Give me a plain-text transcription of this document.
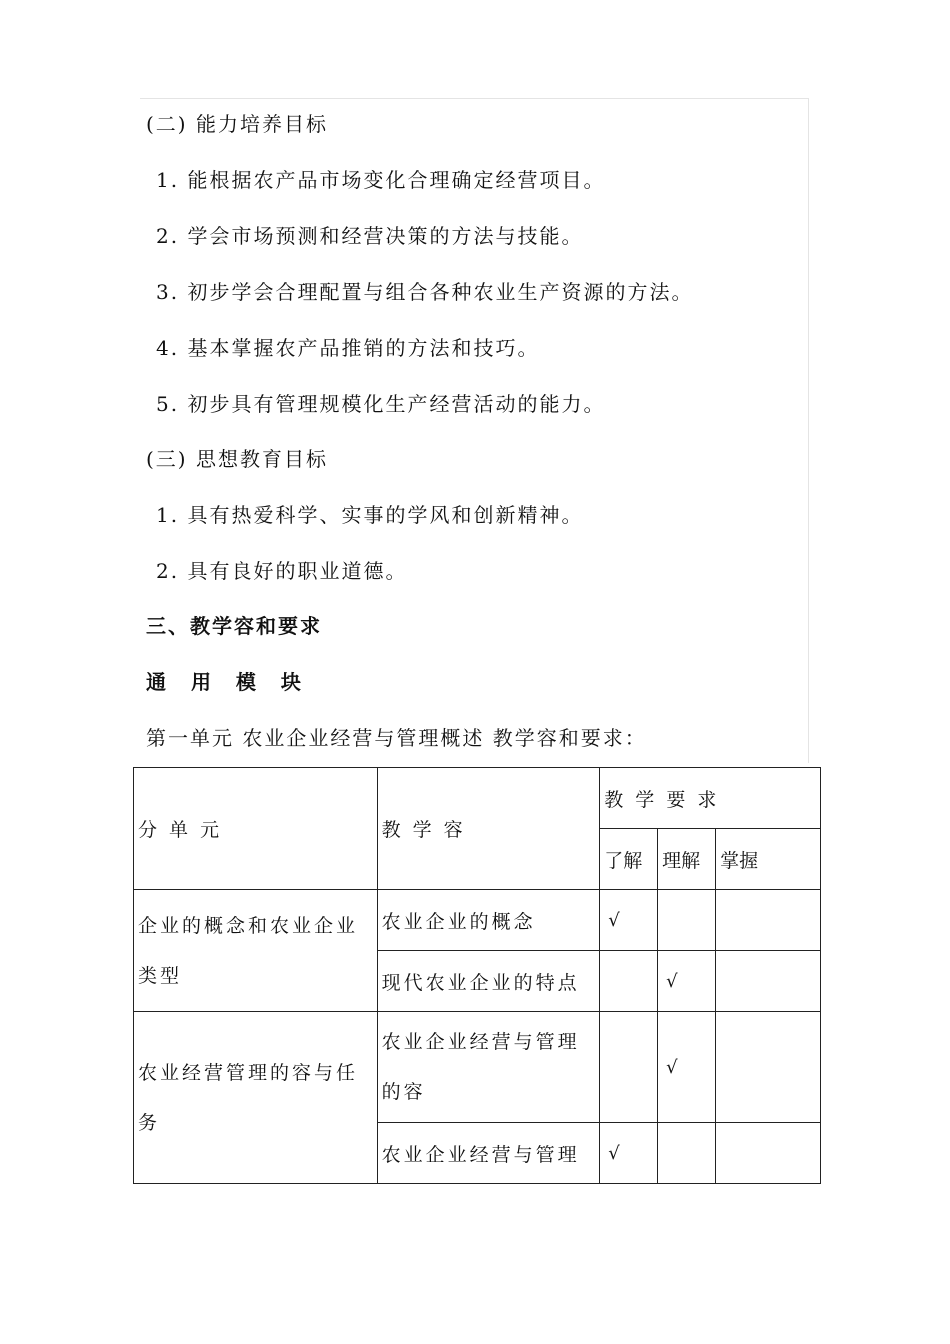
(二) 能力培养目标
1. 能根据农产品市场变化合理确定经营项目。
2. 学会市场预测和经营决策的方法与技能。
3. 初步学会合理配置与组合各种农业生产资源的方法。
4. 基本掌握农产品推销的方法和技巧。
5. 初步具有管理规模化生产经营活动的能力。
(三) 思想教育目标
1. 具有热爱科学、实事的学风和创新精神。
2. 具有良好的职业道德。
三、教学容和要求
通 用 模 块
第一单元 农业企业经营与管理概述 教学容和要求：
分 单 元	教 学 容	教 学 要 求		
		了解	理解	掌握
企业的概念和农业企业类型	农业企业的概念	√		
	现代农业企业的特点		√	
农业经营管理的容与任务	农业企业经营与管理的容		√	
	农业企业经营与管理	√		
